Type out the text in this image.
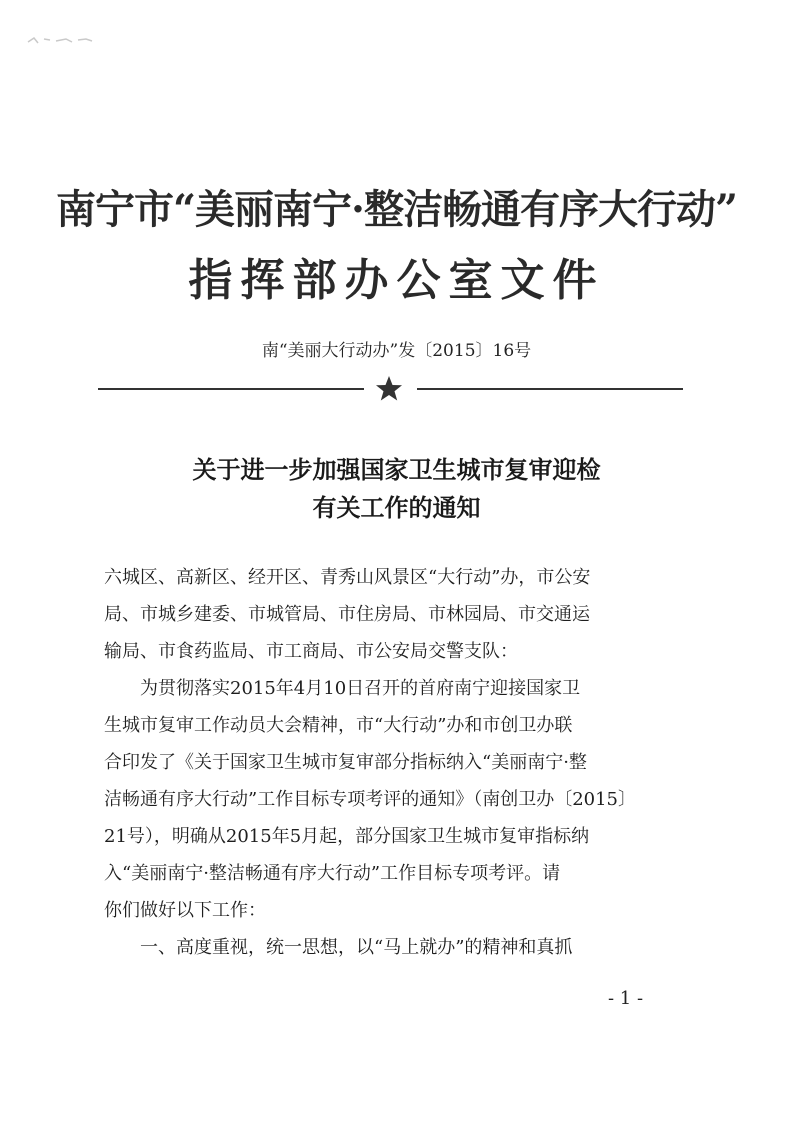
南宁市“美丽南宁·整洁畅通有序大行动”
指挥部办公室文件
南“美丽大行动办”发〔2015〕16号
关于进一步加强国家卫生城市复审迎检
有关工作的通知
六城区、高新区、经开区、青秀山风景区“大行动”办，市公安
局、市城乡建委、市城管局、市住房局、市林园局、市交通运
输局、市食药监局、市工商局、市公安局交警支队：
　　为贯彻落实2015年4月10日召开的首府南宁迎接国家卫
生城市复审工作动员大会精神，市“大行动”办和市创卫办联
合印发了《关于国家卫生城市复审部分指标纳入“美丽南宁·整
洁畅通有序大行动”工作目标专项考评的通知》（南创卫办〔2015〕
21号），明确从2015年5月起，部分国家卫生城市复审指标纳
入“美丽南宁·整洁畅通有序大行动”工作目标专项考评。请
你们做好以下工作：
　　一、高度重视，统一思想，以“马上就办”的精神和真抓
- 1 -
